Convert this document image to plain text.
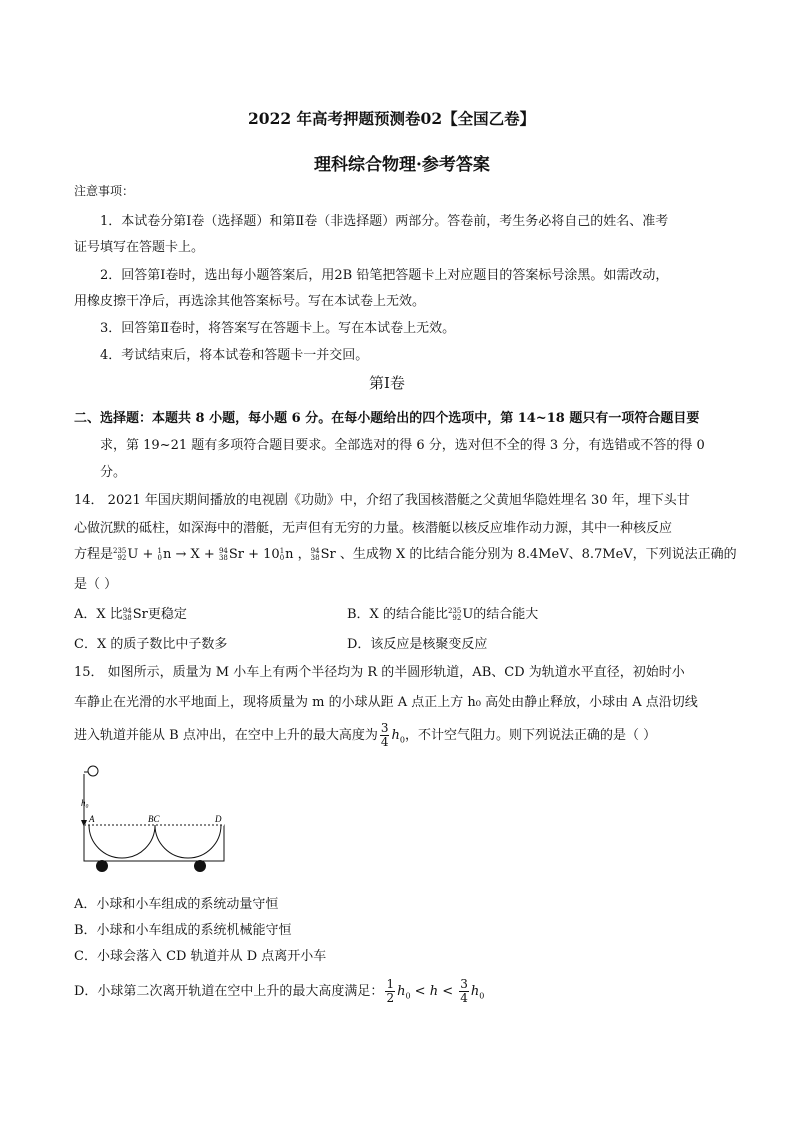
2022 年高考押题预测卷02【全国乙卷】
理科综合物理·参考答案
注意事项：
1．本试卷分第Ⅰ卷（选择题）和第Ⅱ卷（非选择题）两部分。答卷前，考生务必将自己的姓名、准考
证号填写在答题卡上。
2．回答第Ⅰ卷时，选出每小题答案后，用2B 铅笔把答题卡上对应题目的答案标号涂黑。如需改动，
用橡皮擦干净后，再选涂其他答案标号。写在本试卷上无效。
3．回答第Ⅱ卷时，将答案写在答题卡上。写在本试卷上无效。
4．考试结束后，将本试卷和答题卡一并交回。
第Ⅰ卷
二、选择题：本题共 8 小题，每小题 6 分。在每小题给出的四个选项中，第 14~18 题只有一项符合题目要
求，第 19~21 题有多项符合题目要求。全部选对的得 6 分，选对但不全的得 3 分，有选错或不答的得 0
分。
14． 2021 年国庆期间播放的电视剧《功勋》中，介绍了我国核潜艇之父黄旭华隐姓埋名 30 年，埋下头甘
心做沉默的砥柱，如深海中的潜艇，无声但有无穷的力量。核潜艇以核反应堆作动力源，其中一种核反应
方程是 235
92 U + 1
0 n → X + 94
38 Sr + 10 1
0 n ， 94
38 Sr 、生成物 X 的比结合能分别为 8.4MeV、8.7MeV，下列说法正确的
是（ ）
A．X 比 94
38 Sr更稳定	B．X 的结合能比 235
92 U的结合能大
C．X 的质子数比中子数多	D．该反应是核聚变反应
15． 如图所示，质量为 M 小车上有两个半径均为 R 的半圆形轨道，AB、CD 为轨道水平直径，初始时小
车静止在光滑的水平地面上，现将质量为 m 的小球从距 A 点正上方 h₀ 高处由静止释放，小球由 A 点沿切线
进入轨道并能从 B 点冲出，在空中上升的最大高度为 $\frac{3}{4} h_0$，不计空气阻力。则下列说法正确的是（ ）
h₀
A	BC	D
A．小球和小车组成的系统动量守恒
B．小球和小车组成的系统机械能守恒
C．小球会落入 CD 轨道并从 D 点离开小车
D．小球第二次离开轨道在空中上升的最大高度满足： $\frac{1}{2} h_0 < h < \frac{3}{4} h_0$
